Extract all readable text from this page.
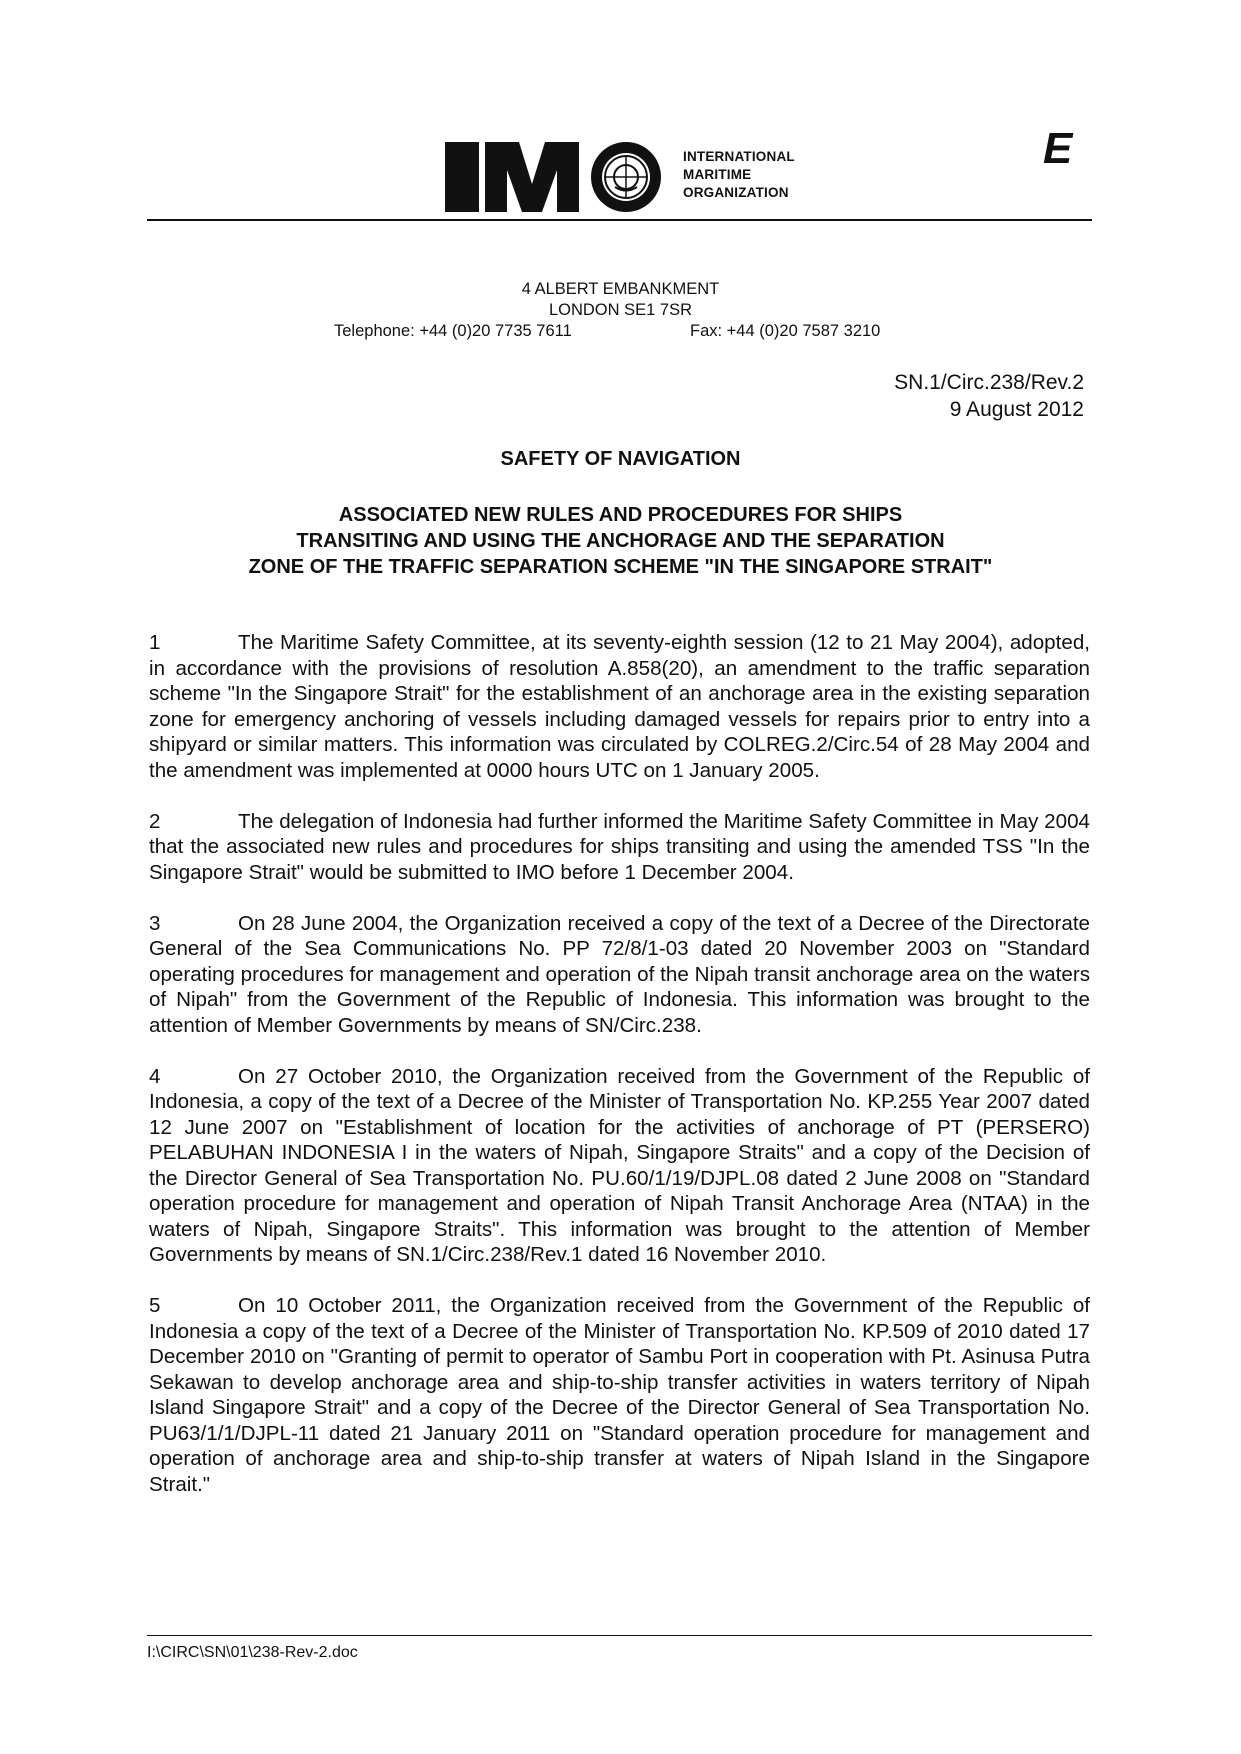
INTERNATIONAL
MARITIME
ORGANIZATION
E
4 ALBERT EMBANKMENT
LONDON SE1 7SR
Telephone: +44 (0)20 7735 7611	Fax: +44 (0)20 7587 3210
SN.1/Circ.238/Rev.2
9 August 2012
SAFETY OF NAVIGATION
ASSOCIATED NEW RULES AND PROCEDURES FOR SHIPS
TRANSITING AND USING THE ANCHORAGE AND THE SEPARATION
ZONE OF THE TRAFFIC SEPARATION SCHEME "IN THE SINGAPORE STRAIT"

1	The Maritime Safety Committee, at its seventy-eighth session (12 to 21 May 2004), adopted, in accordance with the provisions of resolution A.858(20), an amendment to the traffic separation scheme "In the Singapore Strait" for the establishment of an anchorage area in the existing separation zone for emergency anchoring of vessels including damaged vessels for repairs prior to entry into a shipyard or similar matters. This information was circulated by COLREG.2/Circ.54 of 28 May 2004 and the amendment was implemented at 0000 hours UTC on 1 January 2005.

2	The delegation of Indonesia had further informed the Maritime Safety Committee in May 2004 that the associated new rules and procedures for ships transiting and using the amended TSS "In the Singapore Strait" would be submitted to IMO before 1 December 2004.

3	On 28 June 2004, the Organization received a copy of the text of a Decree of the Directorate General of the Sea Communications No. PP 72/8/1-03 dated 20 November 2003 on "Standard operating procedures for management and operation of the Nipah transit anchorage area on the waters of Nipah" from the Government of the Republic of Indonesia. This information was brought to the attention of Member Governments by means of SN/Circ.238.

4	On 27 October 2010, the Organization received from the Government of the Republic of Indonesia, a copy of the text of a Decree of the Minister of Transportation No. KP.255 Year 2007 dated 12 June 2007 on "Establishment of location for the activities of anchorage of PT (PERSERO) PELABUHAN INDONESIA I in the waters of Nipah, Singapore Straits" and a copy of the Decision of the Director General of Sea Transportation No. PU.60/1/19/DJPL.08 dated 2 June 2008 on "Standard operation procedure for management and operation of Nipah Transit Anchorage Area (NTAA) in the waters of Nipah, Singapore Straits". This information was brought to the attention of Member Governments by means of SN.1/Circ.238/Rev.1 dated 16 November 2010.

5	On 10 October 2011, the Organization received from the Government of the Republic of Indonesia a copy of the text of a Decree of the Minister of Transportation No. KP.509 of 2010 dated 17 December 2010 on "Granting of permit to operator of Sambu Port in cooperation with Pt. Asinusa Putra Sekawan to develop anchorage area and ship-to-ship transfer activities in waters territory of Nipah Island Singapore Strait" and a copy of the Decree of the Director General of Sea Transportation No. PU63/1/1/DJPL-11 dated 21 January 2011 on "Standard operation procedure for management and operation of anchorage area and ship-to-ship transfer at waters of Nipah Island in the Singapore Strait."

I:\CIRC\SN\01\238-Rev-2.doc
